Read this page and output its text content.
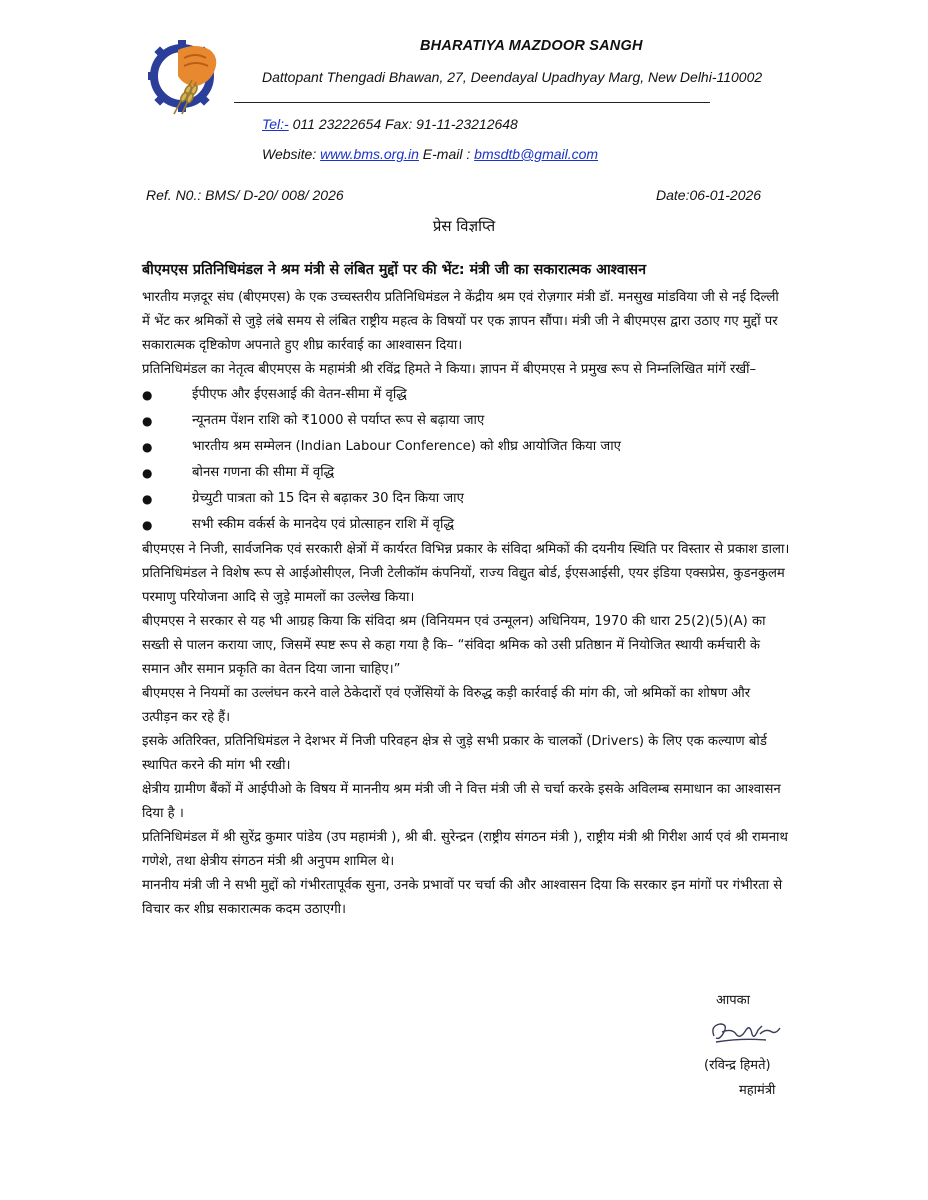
BHARATIYA MAZDOOR SANGH
Dattopant Thengadi Bhawan, 27, Deendayal Upadhyay Marg, New Delhi-110002
Tel:- 011 23222654 Fax: 91-11-23212648
Website: www.bms.org.in E-mail : bmsdtb@gmail.com
Ref. N0.: BMS/ D-20/ 008/ 2026	Date:06-01-2026
प्रेस विज्ञप्ति
बीएमएस प्रतिनिधिमंडल ने श्रम मंत्री से लंबित मुद्दों पर की भेंट: मंत्री जी का सकारात्मक आश्वासन

भारतीय मज़दूर संघ (बीएमएस) के एक उच्चस्तरीय प्रतिनिधिमंडल ने केंद्रीय श्रम एवं रोज़गार मंत्री डॉ. मनसुख मांडविया जी से नई दिल्ली में भेंट कर श्रमिकों से जुड़े लंबे समय से लंबित राष्ट्रीय महत्व के विषयों पर एक ज्ञापन सौंपा। मंत्री जी ने बीएमएस द्वारा उठाए गए मुद्दों पर सकारात्मक दृष्टिकोण अपनाते हुए शीघ्र कार्रवाई का आश्वासन दिया।

प्रतिनिधिमंडल का नेतृत्व बीएमएस के महामंत्री श्री रविंद्र हिमते ने किया। ज्ञापन में बीएमएस ने प्रमुख रूप से निम्नलिखित मांगें रखीं–

●	ईपीएफ और ईएसआई की वेतन-सीमा में वृद्धि
●	न्यूनतम पेंशन राशि को ₹1000 से पर्याप्त रूप से बढ़ाया जाए
●	भारतीय श्रम सम्मेलन (Indian Labour Conference) को शीघ्र आयोजित किया जाए
●	बोनस गणना की सीमा में वृद्धि
●	ग्रेच्युटी पात्रता को 15 दिन से बढ़ाकर 30 दिन किया जाए
●	सभी स्कीम वर्कर्स के मानदेय एवं प्रोत्साहन राशि में वृद्धि

बीएमएस ने निजी, सार्वजनिक एवं सरकारी क्षेत्रों में कार्यरत विभिन्न प्रकार के संविदा श्रमिकों की दयनीय स्थिति पर विस्तार से प्रकाश डाला। प्रतिनिधिमंडल ने विशेष रूप से आईओसीएल, निजी टेलीकॉम कंपनियों, राज्य विद्युत बोर्ड, ईएसआईसी, एयर इंडिया एक्सप्रेस, कुडनकुलम परमाणु परियोजना आदि से जुड़े मामलों का उल्लेख किया।

बीएमएस ने सरकार से यह भी आग्रह किया कि संविदा श्रम (विनियमन एवं उन्मूलन) अधिनियम, 1970 की धारा 25(2)(5)(A) का सख्ती से पालन कराया जाए, जिसमें स्पष्ट रूप से कहा गया है कि– “संविदा श्रमिक को उसी प्रतिष्ठान में नियोजित स्थायी कर्मचारी के समान और समान प्रकृति का वेतन दिया जाना चाहिए।”

बीएमएस ने नियमों का उल्लंघन करने वाले ठेकेदारों एवं एजेंसियों के विरुद्ध कड़ी कार्रवाई की मांग की, जो श्रमिकों का शोषण और उत्पीड़न कर रहे हैं।

इसके अतिरिक्त, प्रतिनिधिमंडल ने देशभर में निजी परिवहन क्षेत्र से जुड़े सभी प्रकार के चालकों (Drivers) के लिए एक कल्याण बोर्ड स्थापित करने की मांग भी रखी।

क्षेत्रीय ग्रामीण बैंकों में आईपीओ के विषय में माननीय श्रम मंत्री जी ने वित्त मंत्री जी से चर्चा करके इसके अविलम्ब समाधान का आश्वासन दिया है ।

प्रतिनिधिमंडल में श्री सुरेंद्र कुमार पांडेय (उप महामंत्री ), श्री बी. सुरेन्द्रन (राष्ट्रीय संगठन मंत्री ), राष्ट्रीय मंत्री श्री गिरीश आर्य एवं श्री रामनाथ गणेशे, तथा क्षेत्रीय संगठन मंत्री श्री अनुपम शामिल थे।

माननीय मंत्री जी ने सभी मुद्दों को गंभीरतापूर्वक सुना, उनके प्रभावों पर चर्चा की और आश्वासन दिया कि सरकार इन मांगों पर गंभीरता से विचार कर शीघ्र सकारात्मक कदम उठाएगी।

आपका
(रविन्द्र हिमते)
महामंत्री
